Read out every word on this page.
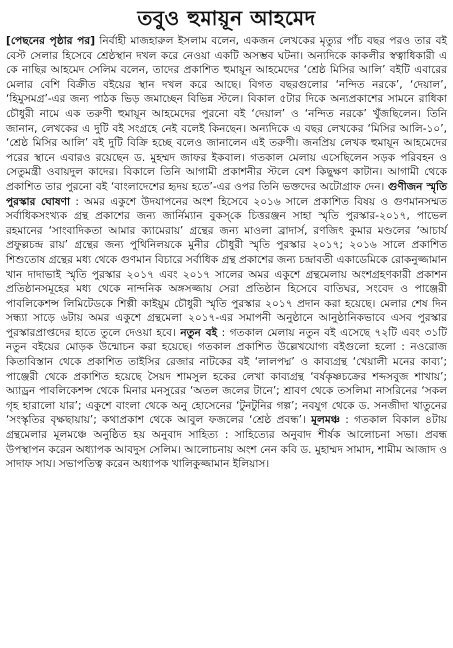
তবুও হুমায়ূন আহমেদ

[পেছনের পৃষ্ঠার পর] নির্বাহী মাজহারুল ইসলাম বলেন, একজন লেখকের মৃত্যুর পাঁচ বছর পরও তার বই বেস্ট সেলার হিসেবে শ্রেষ্ঠস্থান দখল করে নেওয়া একটি অসম্ভব ঘটনা। অন্যদিকে কাকলীর স্বত্বাধিকারী এ কে নাছির আহমেদ সেলিম বলেন, তাদের প্রকাশিত হুমায়ূন আহমেদের ‘শ্রেষ্ঠ মিসির আলি’ বইটি এবারের মেলার বেশি বিক্রীত বইয়ের স্থান দখল করে আছে। বিগত বছরগুলোর ‘নন্দিত নরকে’, ‘দেয়াল’, ‘হিমুসমগ্র’-এর জন্য পাঠক ভিড় জমাচ্ছেন বিভিন্ন স্টলে। বিকাল ৫টার দিকে অন্যপ্রকাশের সামনে রাধিকা চৌধুরী নামে এক তরুণী হুমায়ূন আহমেদের পুরনো বই ‘দেয়াল’ ও ‘নন্দিত নরকে’ খুঁজছিলেন। তিনি জানান, লেখকের এ দুটি বই সংগ্রহে নেই বলেই কিনছেন। অন্যদিকে এ বছর লেখকের ‘মিসির আলি-১০’, ‘শ্রেষ্ঠ মিসির আলি’ বই দুটি বিক্রি হচ্ছে বলেও জানালেন এই তরুণী। জনপ্রিয় লেখক হুমায়ূন আহমেদের পরের স্থানে এবারও রয়েছেন ড. মুহম্মদ জাফর ইকবাল। গতকাল মেলায় এসেছিলেন সড়ক পরিবহন ও সেতুমন্ত্রী ওবায়দুল কাদের। বিকালে তিনি আগামী প্রকাশনীর স্টলে বেশ কিছুক্ষণ কাটান। আগামী থেকে প্রকাশিত তার পুরনো বই ‘বাংলাদেশের হৃদয় হতে’-এর ওপর তিনি ভক্তদের অটোগ্রাফ দেন। গুণীজন স্মৃতি পুরস্কার ঘোষণা : অমর একুশে উদযাপনের অংশ হিসেবে ২০১৬ সালে প্রকাশিত বিষয় ও গুণমানসম্মত সর্বাধিকসংখ্যক গ্রন্থ প্রকাশের জন্য জার্নিম্যান বুকস্‌কে চিত্তরঞ্জন সাহা স্মৃতি পুরস্কার-২০১৭, পাভেল রহমানের ‘সাংবাদিকতা আমার ক্যামেরায়’ গ্রন্থের জন্য মাওলা ব্রাদার্স, রণজিৎ কুমার মণ্ডলের ‘আচার্য প্রফুল্লচন্দ্র রায়’ গ্রন্থের জন্য পুথিনিলয়কে মুনীর চৌধুরী স্মৃতি পুরস্কার ২০১৭; ২০১৬ সালে প্রকাশিত শিশুতোষ গ্রন্থের মধ্য থেকে গুণমান বিচারে সর্বাধিক গ্রন্থ প্রকাশের জন্য চন্দ্রাবতী একাডেমিকে রোকনুজ্জামান খান দাদাভাই স্মৃতি পুরস্কার ২০১৭ এবং ২০১৭ সালের অমর একুশে গ্রন্থমেলায় অংশগ্রহণকারী প্রকাশন প্রতিষ্ঠানসমূহের মধ্য থেকে নান্দনিক অঙ্গসজ্জায় সেরা প্রতিষ্ঠান হিসেবে বাতিঘর, সংবেদ ও পাঞ্জেরী পাবলিকেশন্স লিমিটেডকে শিল্পী কাইয়ুম চৌধুরী স্মৃতি পুরস্কার ২০১৭ প্রদান করা হয়েছে। মেলার শেষ দিন সন্ধ্যা সাড়ে ৬টায় অমর একুশে গ্রন্থমেলা ২০১৭-এর সমাপনী অনুষ্ঠানে আনুষ্ঠানিকভাবে এসব পুরস্কার পুরস্কারপ্রাপ্তদের হাতে তুলে দেওয়া হবে। নতুন বই : গতকাল মেলায় নতুন বই এসেছে ৭২টি এবং ৩১টি নতুন বইয়ের মোড়ক উন্মোচন করা হয়েছে। গতকাল প্রকাশিত উল্লেখযোগ্য বইগুলো হলো : নওরোজ কিতাবিস্তান থেকে প্রকাশিত তাইসির রেজার নাটকের বই ‘লালপদ্ম’ ও কাব্যগ্রন্থ ‘খেয়ালী মনের কাব্য’; পাঞ্জেরী থেকে প্রকাশিত হয়েছে সৈয়দ শামসুল হকের লেখা কাব্যগ্রন্থ ‘বর্ষকৃষ্ণচক্রের শব্দসবুজ শাখায়’; অ্যাড্রন পাবলিকেশন্স থেকে মিনার মনসুরের ‘অতল জলের টানে’; শ্রাবণ থেকে তসলিমা নাসরিনের ‘সকল গৃহ হারালো যার’; একুশে বাংলা থেকে অনু হোসেনের ‘টুনটুনির গল্প’; নবযুগ থেকে ড. সনজীদা খাতুনের ‘সংস্কৃতির বৃক্ষছায়ায়’; কথাপ্রকাশ থেকে আবুল ফজলের ‘শ্রেষ্ঠ প্রবন্ধ’। মূলমঞ্চ : গতকাল বিকাল ৪টায় গ্রন্থমেলার মূলমঞ্চে অনুষ্ঠিত হয় অনুবাদ সাহিত্য : সাহিত্যের অনুবাদ শীর্ষক আলোচনা সভা। প্রবন্ধ উপস্থাপন করেন অধ্যাপক আবদুস সেলিম। আলোচনায় অংশ নেন কবি ড. মুহাম্মদ সামাদ, শামীম আজাদ ও সাদাফ সায। সভাপতিত্ব করেন অধ্যাপক খালিকুজ্জামান ইলিয়াস।
